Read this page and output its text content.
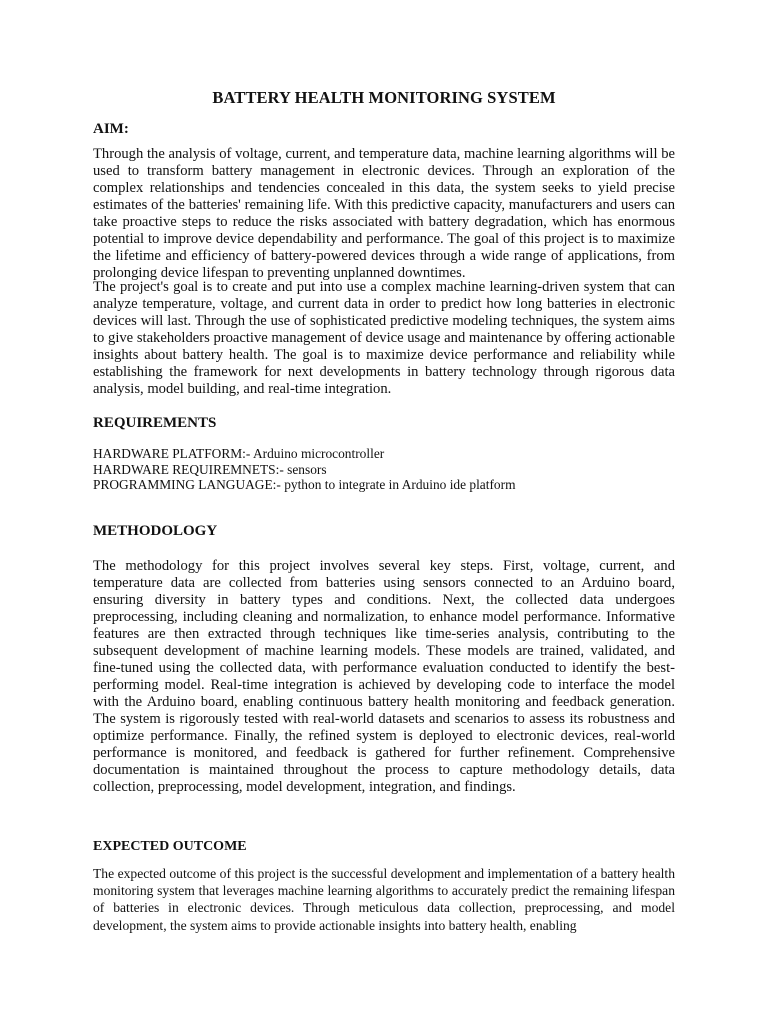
BATTERY HEALTH MONITORING SYSTEM
AIM:

Through the analysis of voltage, current, and temperature data, machine learning algorithms will be used to transform battery management in electronic devices. Through an exploration of the complex relationships and tendencies concealed in this data, the system seeks to yield precise estimates of the batteries' remaining life. With this predictive capacity, manufacturers and users can take proactive steps to reduce the risks associated with battery degradation, which has enormous potential to improve device dependability and performance. The goal of this project is to maximize the lifetime and efficiency of battery-powered devices through a wide range of applications, from prolonging device lifespan to preventing unplanned downtimes.

The project's goal is to create and put into use a complex machine learning-driven system that can analyze temperature, voltage, and current data in order to predict how long batteries in electronic devices will last. Through the use of sophisticated predictive modeling techniques, the system aims to give stakeholders proactive management of device usage and maintenance by offering actionable insights about battery health. The goal is to maximize device performance and reliability while establishing the framework for next developments in battery technology through rigorous data analysis, model building, and real-time integration.

REQUIREMENTS
HARDWARE PLATFORM:- Arduino microcontroller
HARDWARE REQUIREMNETS:- sensors
PROGRAMMING LANGUAGE:- python to integrate in Arduino ide platform
METHODOLOGY

The methodology for this project involves several key steps. First, voltage, current, and temperature data are collected from batteries using sensors connected to an Arduino board, ensuring diversity in battery types and conditions. Next, the collected data undergoes preprocessing, including cleaning and normalization, to enhance model performance. Informative features are then extracted through techniques like time-series analysis, contributing to the subsequent development of machine learning models. These models are trained, validated, and fine-tuned using the collected data, with performance evaluation conducted to identify the best-performing model. Real-time integration is achieved by developing code to interface the model with the Arduino board, enabling continuous battery health monitoring and feedback generation. The system is rigorously tested with real-world datasets and scenarios to assess its robustness and optimize performance. Finally, the refined system is deployed to electronic devices, real-world performance is monitored, and feedback is gathered for further refinement. Comprehensive documentation is maintained throughout the process to capture methodology details, data collection, preprocessing, model development, integration, and findings.

EXPECTED OUTCOME

The expected outcome of this project is the successful development and implementation of a battery health monitoring system that leverages machine learning algorithms to accurately predict the remaining lifespan of batteries in electronic devices. Through meticulous data collection, preprocessing, and model development, the system aims to provide actionable insights into battery health, enabling
